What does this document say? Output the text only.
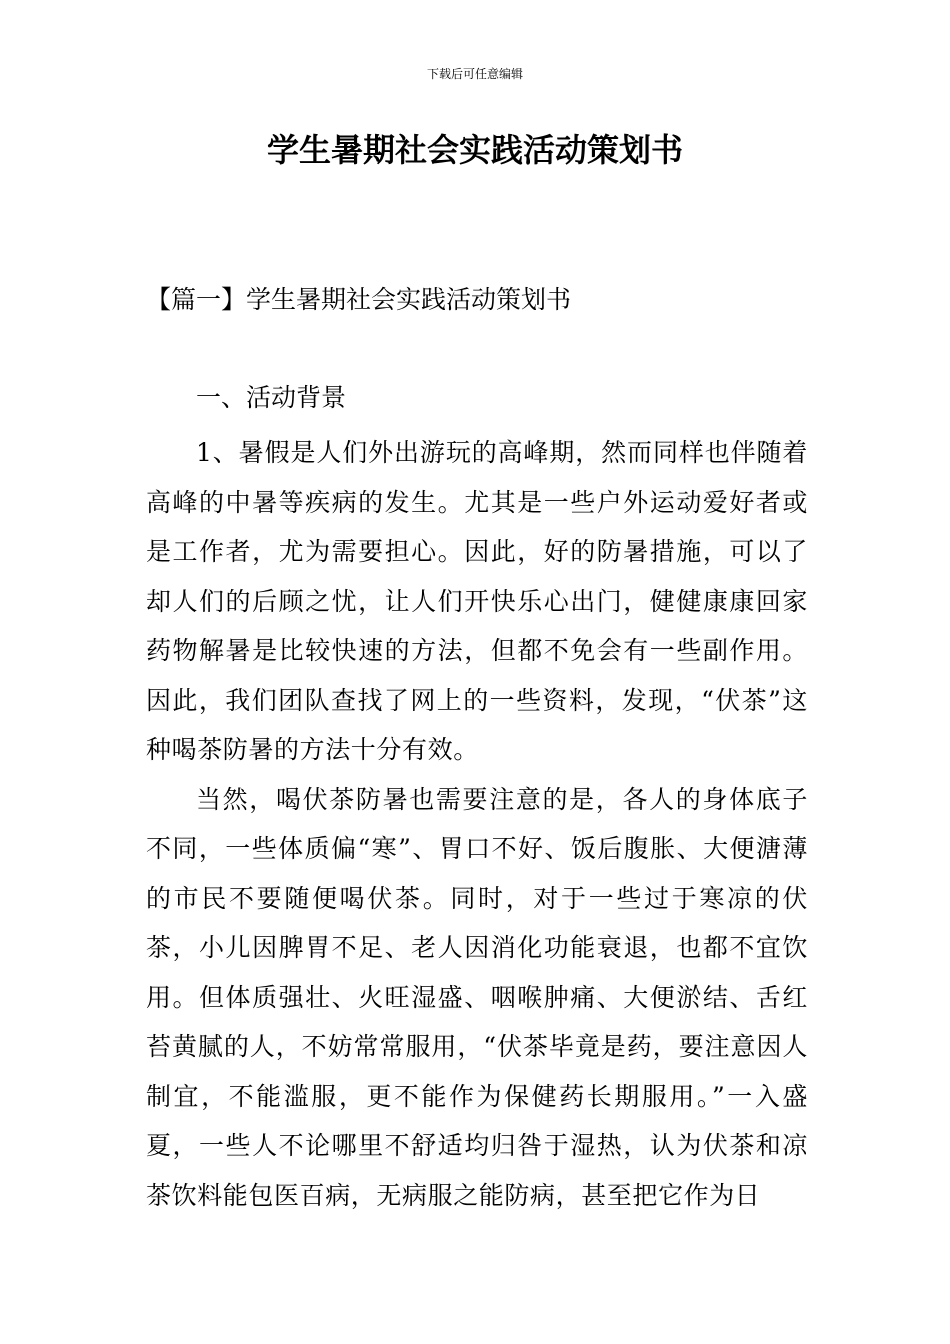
下载后可任意编辑
学生暑期社会实践活动策划书
【篇一】学生暑期社会实践活动策划书
一、活动背景

1、暑假是人们外出游玩的高峰期，然而同样也伴随着高峰的中暑等疾病的发生。尤其是一些户外运动爱好者或是工作者，尤为需要担心。因此，好的防暑措施，可以了却人们的后顾之忧，让人们开快乐心出门，健健康康回家药物解暑是比较快速的方法，但都不免会有一些副作用。因此，我们团队查找了网上的一些资料，发现，“伏茶”这种喝茶防暑的方法十分有效。

当然，喝伏茶防暑也需要注意的是，各人的身体底子不同，一些体质偏“寒”、胃口不好、饭后腹胀、大便溏薄的市民不要随便喝伏茶。同时，对于一些过于寒凉的伏茶，小儿因脾胃不足、老人因消化功能衰退，也都不宜饮用。但体质强壮、火旺湿盛、咽喉肿痛、大便淤结、舌红苔黄腻的人，不妨常常服用，“伏茶毕竟是药，要注意因人制宜，不能滥服，更不能作为保健药长期服用。”一入盛夏，一些人不论哪里不舒适均归咎于湿热，认为伏茶和凉茶饮料能包医百病，无病服之能防病，甚至把它作为日
